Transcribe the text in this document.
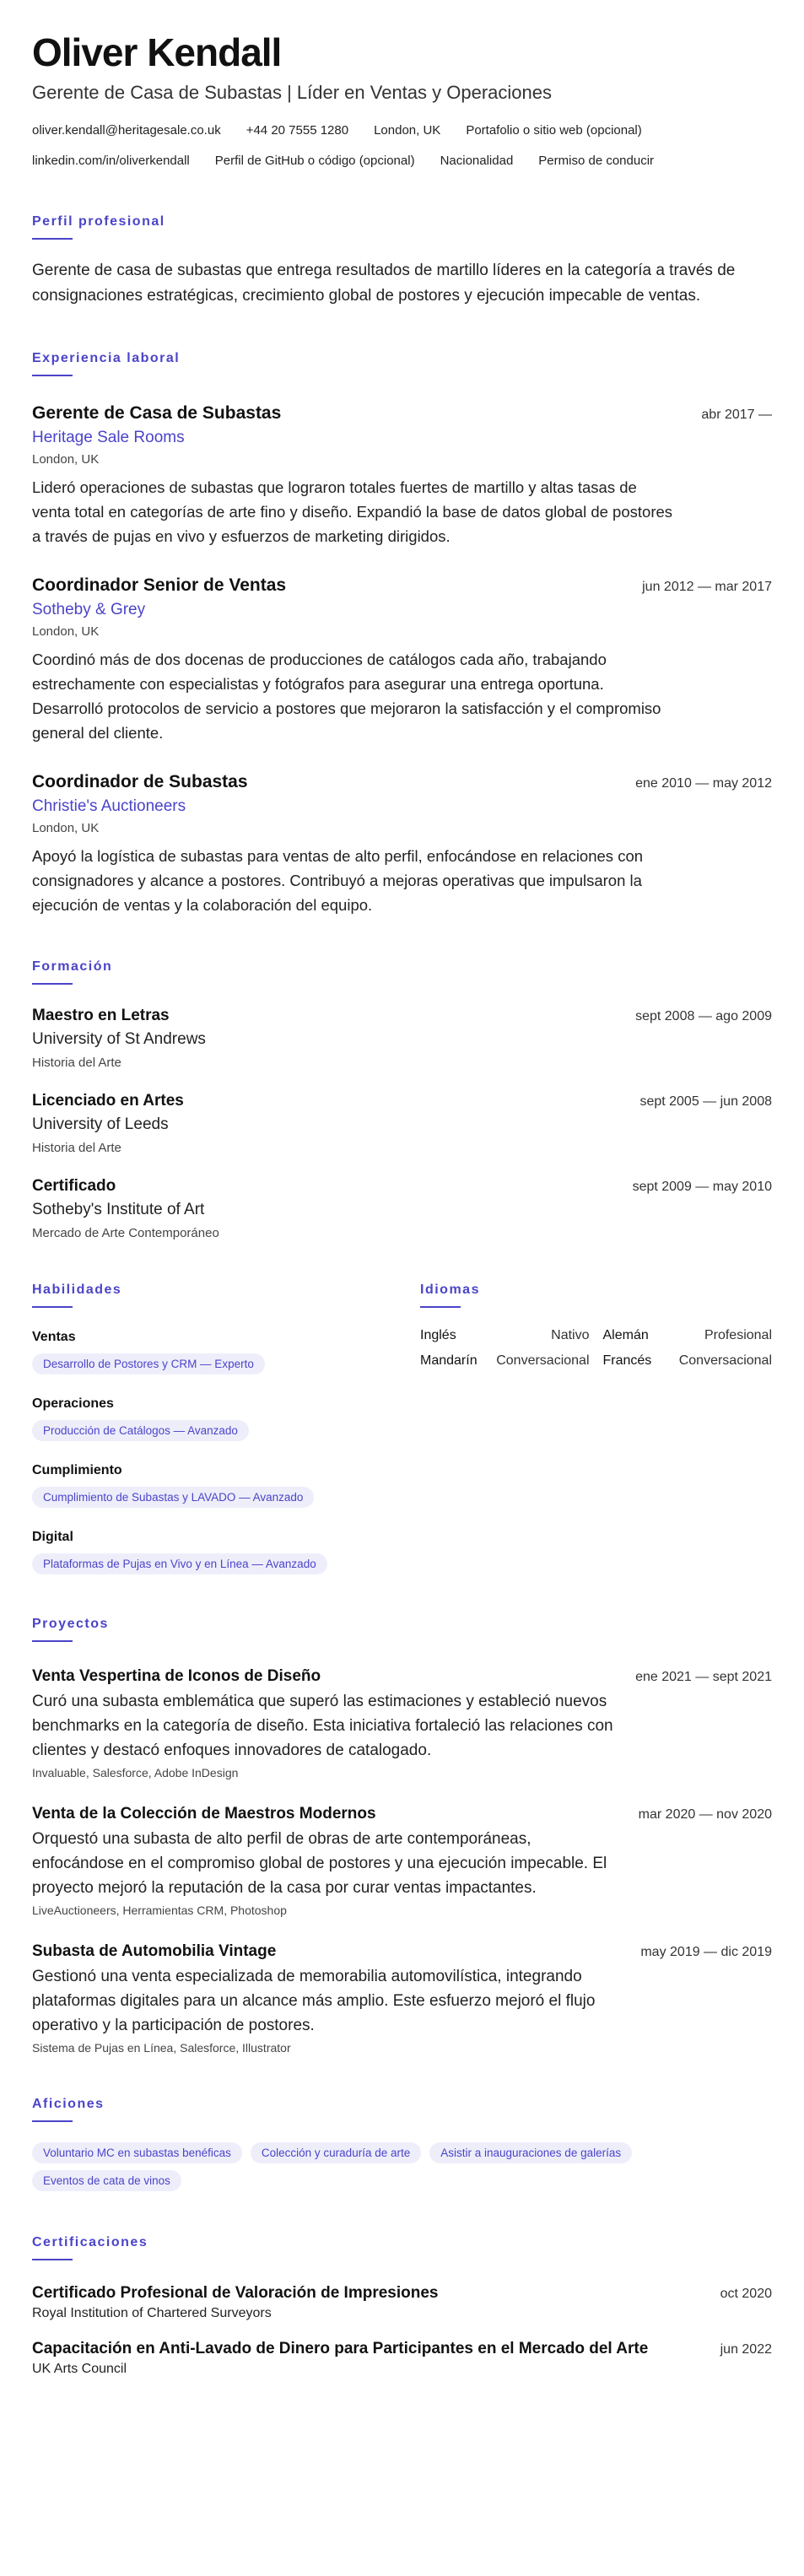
Oliver Kendall
Gerente de Casa de Subastas | Líder en Ventas y Operaciones
oliver.kendall@heritagesale.co.uk +44 20 7555 1280 London, UK Portafolio o sitio web (opcional)
linkedin.com/in/oliverkendall Perfil de GitHub o código (opcional) Nacionalidad Permiso de conducir
Perfil profesional

Gerente de casa de subastas que entrega resultados de martillo líderes en la categoría a través de consignaciones estratégicas, crecimiento global de postores y ejecución impecable de ventas.

Experiencia laboral
Gerente de Casa de Subastas	abr 2017 —
Heritage Sale Rooms
London, UK

Lideró operaciones de subastas que lograron totales fuertes de martillo y altas tasas de venta total en categorías de arte fino y diseño. Expandió la base de datos global de postores a través de pujas en vivo y esfuerzos de marketing dirigidos.

Coordinador Senior de Ventas	jun 2012 — mar 2017
Sotheby & Grey
London, UK

Coordinó más de dos docenas de producciones de catálogos cada año, trabajando estrechamente con especialistas y fotógrafos para asegurar una entrega oportuna. Desarrolló protocolos de servicio a postores que mejoraron la satisfacción y el compromiso general del cliente.

Coordinador de Subastas	ene 2010 — may 2012
Christie's Auctioneers
London, UK

Apoyó la logística de subastas para ventas de alto perfil, enfocándose en relaciones con consignadores y alcance a postores. Contribuyó a mejoras operativas que impulsaron la ejecución de ventas y la colaboración del equipo.

Formación
Maestro en Letras	sept 2008 — ago 2009
University of St Andrews
Historia del Arte
Licenciado en Artes	sept 2005 — jun 2008
University of Leeds
Historia del Arte
Certificado	sept 2009 — may 2010
Sotheby's Institute of Art
Mercado de Arte Contemporáneo
Habilidades
Ventas
Desarrollo de Postores y CRM — Experto
Operaciones
Producción de Catálogos — Avanzado
Cumplimiento
Cumplimiento de Subastas y LAVADO — Avanzado
Digital
Plataformas de Pujas en Vivo y en Línea — Avanzado
Idiomas
Inglés	Nativo Alemán	Profesional
Mandarín Conversacional Francés Conversacional
Proyectos
Venta Vespertina de Iconos de Diseño	ene 2021 — sept 2021

Curó una subasta emblemática que superó las estimaciones y estableció nuevos benchmarks en la categoría de diseño. Esta iniciativa fortaleció las relaciones con clientes y destacó enfoques innovadores de catalogado.

Invaluable, Salesforce, Adobe InDesign
Venta de la Colección de Maestros Modernos	mar 2020 — nov 2020

Orquestó una subasta de alto perfil de obras de arte contemporáneas, enfocándose en el compromiso global de postores y una ejecución impecable. El proyecto mejoró la reputación de la casa por curar ventas impactantes.

LiveAuctioneers, Herramientas CRM, Photoshop
Subasta de Automobilia Vintage	may 2019 — dic 2019

Gestionó una venta especializada de memorabilia automovilística, integrando plataformas digitales para un alcance más amplio. Este esfuerzo mejoró el flujo operativo y la participación de postores.

Sistema de Pujas en Línea, Salesforce, Illustrator
Aficiones
Voluntario MC en subastas benéficas	Colección y curaduría de arte	Asistir a inauguraciones de galerías
Eventos de cata de vinos
Certificaciones
Certificado Profesional de Valoración de Impresiones	oct 2020
Royal Institution of Chartered Surveyors
Capacitación en Anti-Lavado de Dinero para Participantes en el Mercado del Arte	jun 2022
UK Arts Council
